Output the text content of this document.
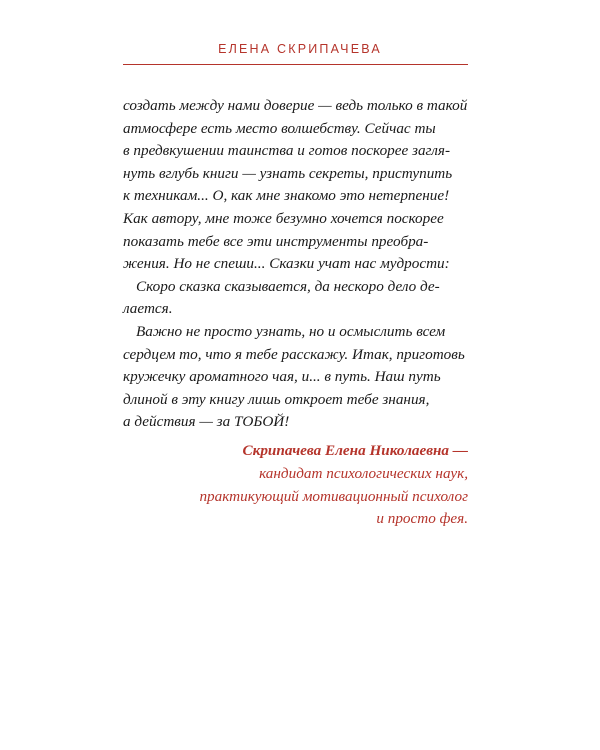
ЕЛЕНА СКРИПАЧЕВА
создать между нами доверие — ведь только в такой
атмосфере есть место волшебству. Сейчас ты
в предвкушении таинства и готов поскорее загля-
нуть вглубь книги — узнать секреты, приступить
к техникам... О, как мне знакомо это нетерпение!
Как автору, мне тоже безумно хочется поскорее
показать тебе все эти инструменты преобра-
жения. Но не спеши... Сказки учат нас мудрости:
Скоро сказка сказывается, да нескоро дело де-
лается.
Важно не просто узнать, но и осмыслить всем
сердцем то, что я тебе расскажу. Итак, приготовь
кружечку ароматного чая, и... в путь. Наш путь
длиной в эту книгу лишь откроет тебе знания,
а действия — за ТОБОЙ!
Скрипачева Елена Николаевна —
кандидат психологических наук,
практикующий мотивационный психолог
и просто фея.
